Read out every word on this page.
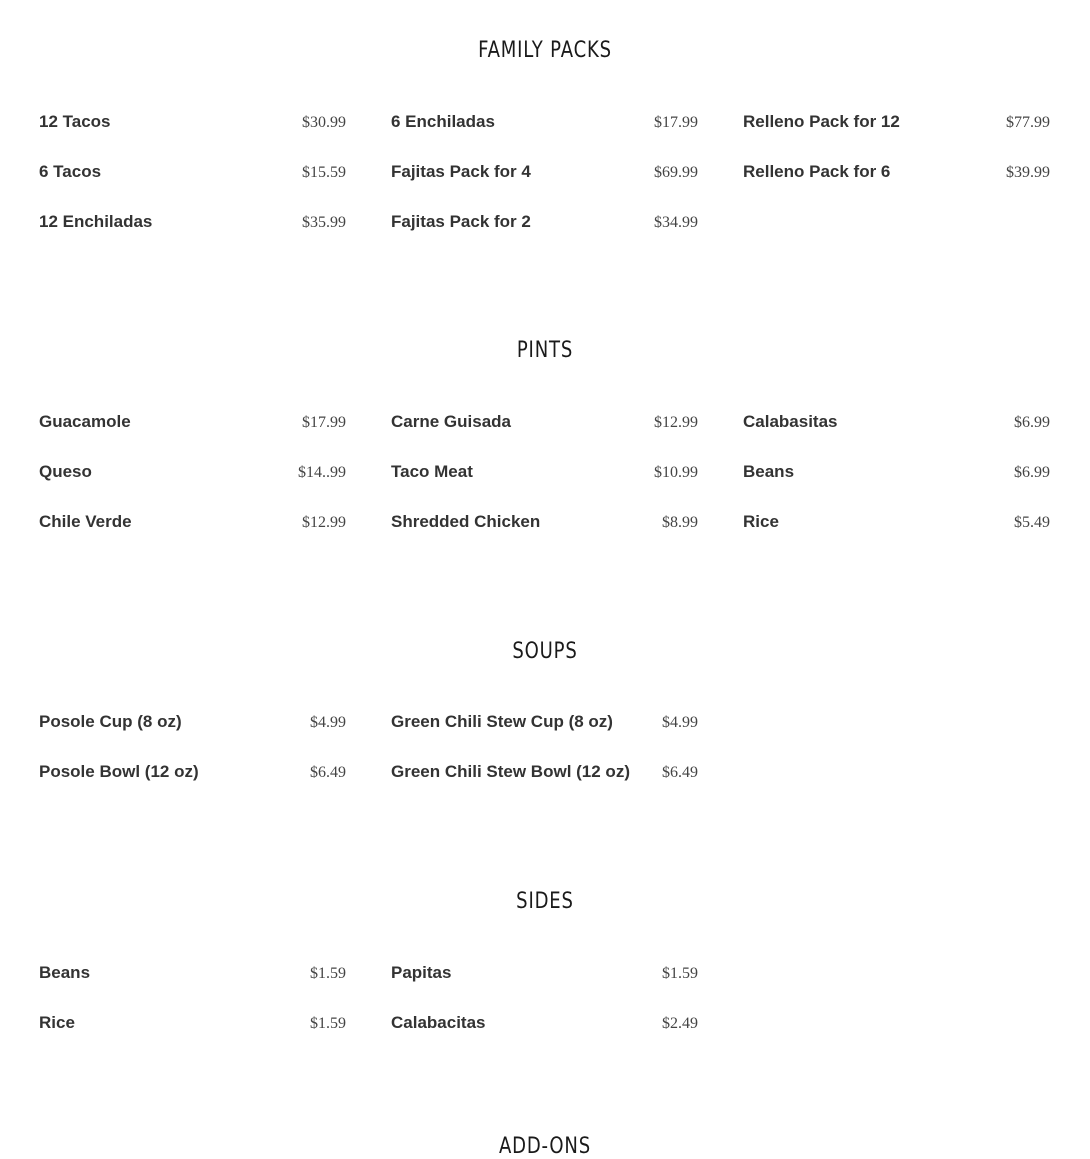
FAMILY PACKS
12 Tacos	$30.99
6 Tacos	$15.59
12 Enchiladas	$35.99
6 Enchiladas	$17.99
Fajitas Pack for 4	$69.99
Fajitas Pack for 2	$34.99
Relleno Pack for 12	$77.99
Relleno Pack for 6	$39.99
PINTS
Guacamole	$17.99
Queso	$14..99
Chile Verde	$12.99
Carne Guisada	$12.99
Taco Meat	$10.99
Shredded Chicken	$8.99
Calabasitas	$6.99
Beans	$6.99
Rice	$5.49
SOUPS
Posole Cup (8 oz)	$4.99
Posole Bowl (12 oz)	$6.49
Green Chili Stew Cup (8 oz)	$4.99
Green Chili Stew Bowl (12 oz) $6.49
SIDES
Beans	$1.59
Rice	$1.59
Papitas	$1.59
Calabacitas	$2.49
ADD-ONS
